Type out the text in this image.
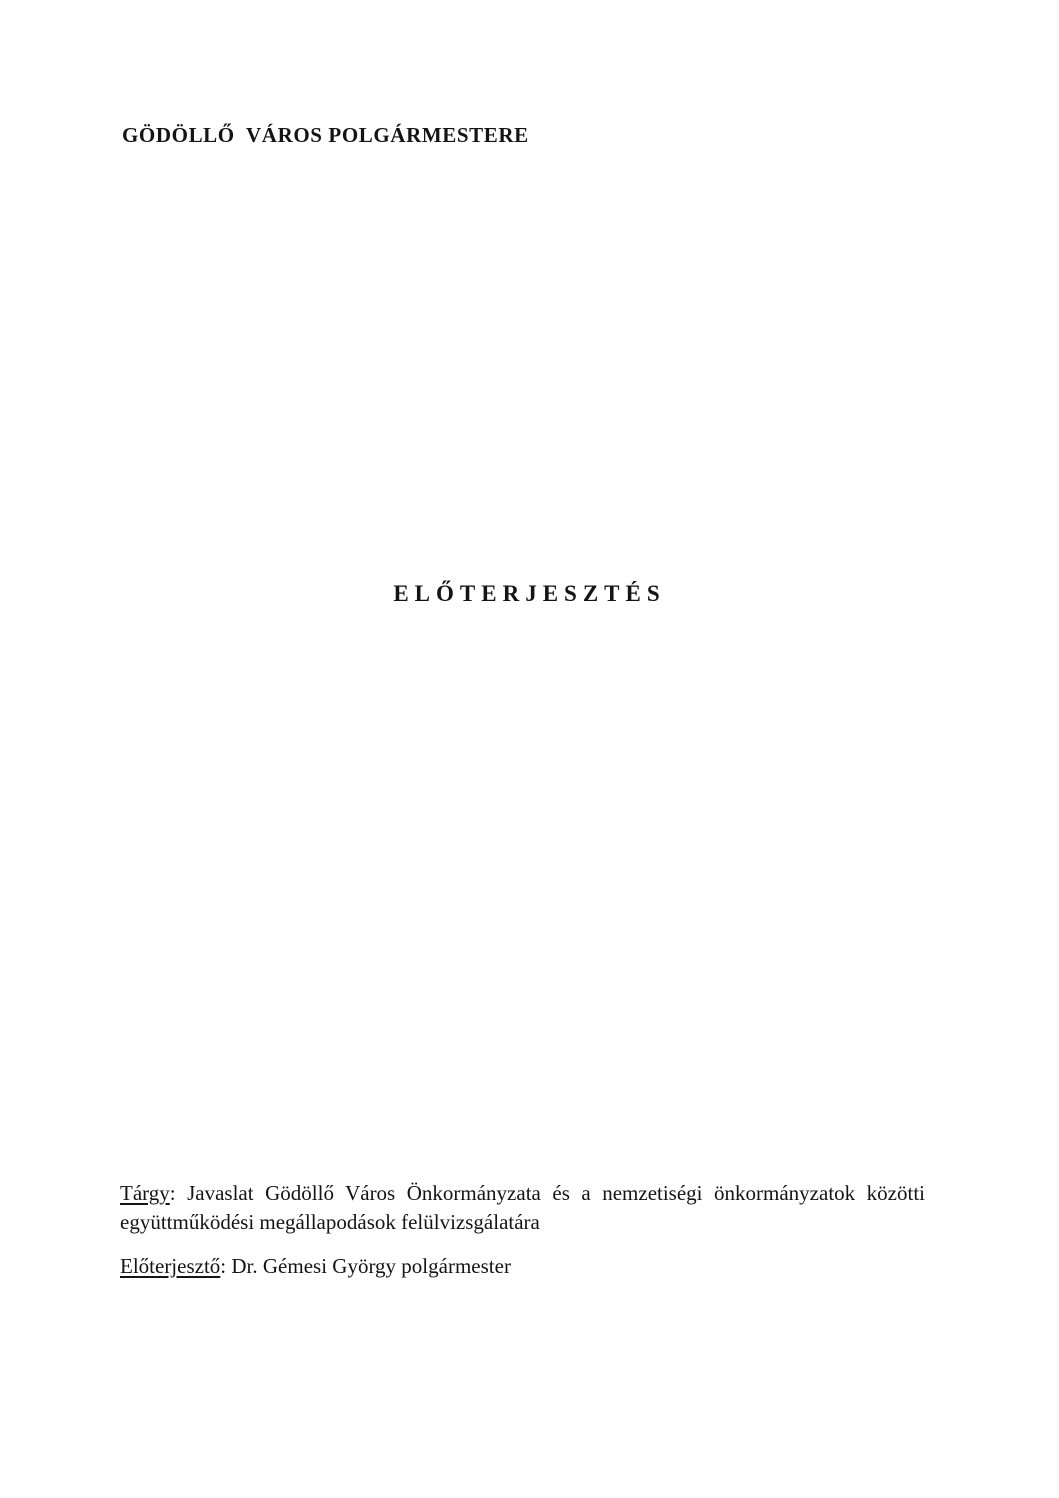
GÖDÖLLŐ  VÁROS POLGÁRMESTERE
ELŐTERJESZTÉS
Tárgy: Javaslat Gödöllő Város Önkormányzata és a nemzetiségi önkormányzatok közötti
együttműködési megállapodások felülvizsgálatára
Előterjesztő: Dr. Gémesi György polgármester
